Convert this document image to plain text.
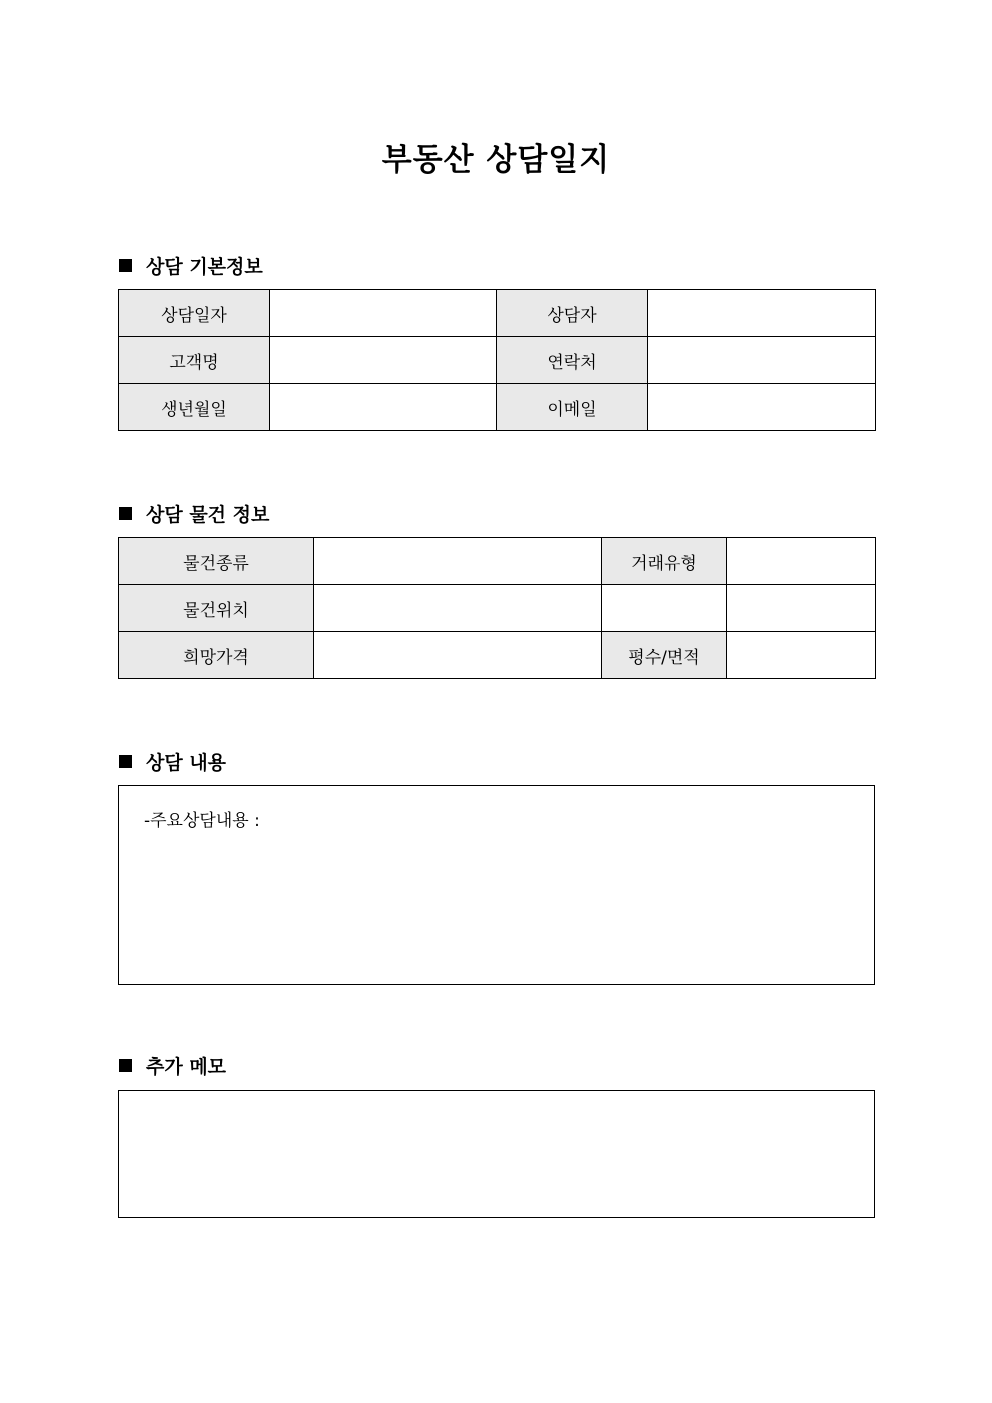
부동산 상담일지
상담 기본정보
상담일자		상담자	
고객명		연락처	
생년월일		이메일	
상담 물건 정보
물건종류		거래유형	
물건위치			
희망가격		평수/면적	
상담 내용
-주요상담내용 :
추가 메모
